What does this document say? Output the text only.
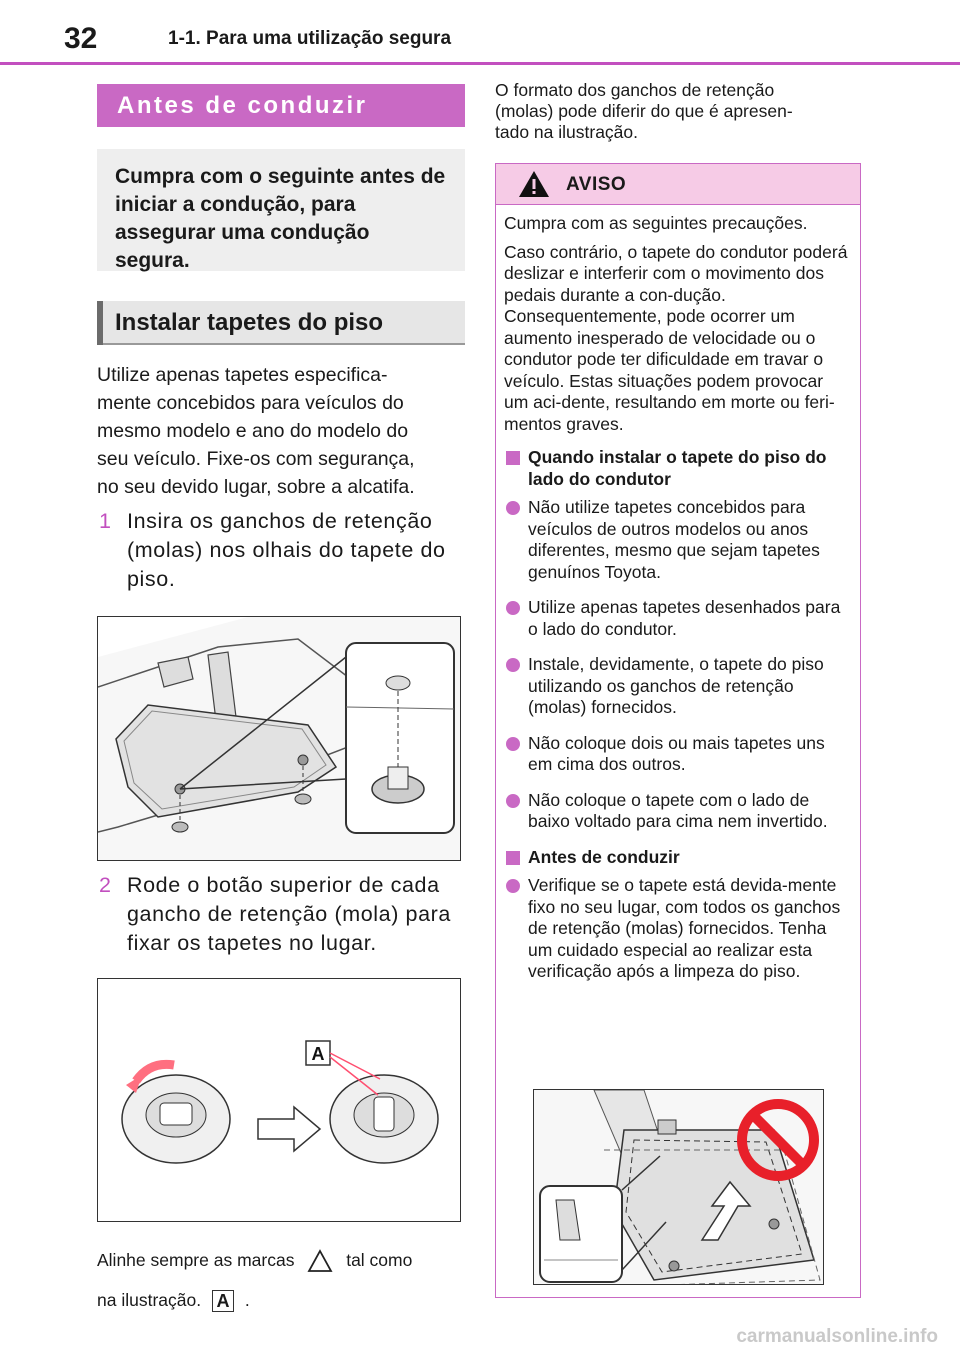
32	1-1. Para uma utilização segura
Antes de conduzir
Cumpra com o seguinte antes de iniciar a condução, para assegurar uma condução segura.
Instalar tapetes do piso
Utilize apenas tapetes especifica-
mente concebidos para veículos do
mesmo modelo e ano do modelo do
seu veículo. Fixe-os com segurança,
no seu devido lugar, sobre a alcatifa.
1 Insira os ganchos de retenção (molas) nos olhais do tapete do piso.
2 Rode o botão superior de cada gancho de retenção (mola) para fixar os tapetes no lugar.
A
Alinhe sempre as marcas	tal como
na ilustração. A .
O formato dos ganchos de retenção
(molas) pode diferir do que é apresen-
tado na ilustração.
AVISO

Cumpra com as seguintes precauções.

Caso contrário, o tapete do condutor poderá deslizar e interferir com o movimento dos pedais durante a con-dução. Consequentemente, pode ocorrer um aumento inesperado de velocidade ou o condutor pode ter dificuldade em travar o veículo. Estas situações podem provocar um aci-dente, resultando em morte ou feri-mentos graves.

Quando instalar o tapete do piso do lado do condutor
Não utilize tapetes concebidos para veículos de outros modelos ou anos diferentes, mesmo que sejam tapetes genuínos Toyota.
Utilize apenas tapetes desenhados para o lado do condutor.
Instale, devidamente, o tapete do piso utilizando os ganchos de retenção (molas) fornecidos.
Não coloque dois ou mais tapetes uns em cima dos outros.
Não coloque o tapete com o lado de baixo voltado para cima nem invertido.
Antes de conduzir
Verifique se o tapete está devida-mente fixo no seu lugar, com todos os ganchos de retenção (molas) fornecidos. Tenha um cuidado especial ao realizar esta verificação após a limpeza do piso.
carmanualsonline.info
